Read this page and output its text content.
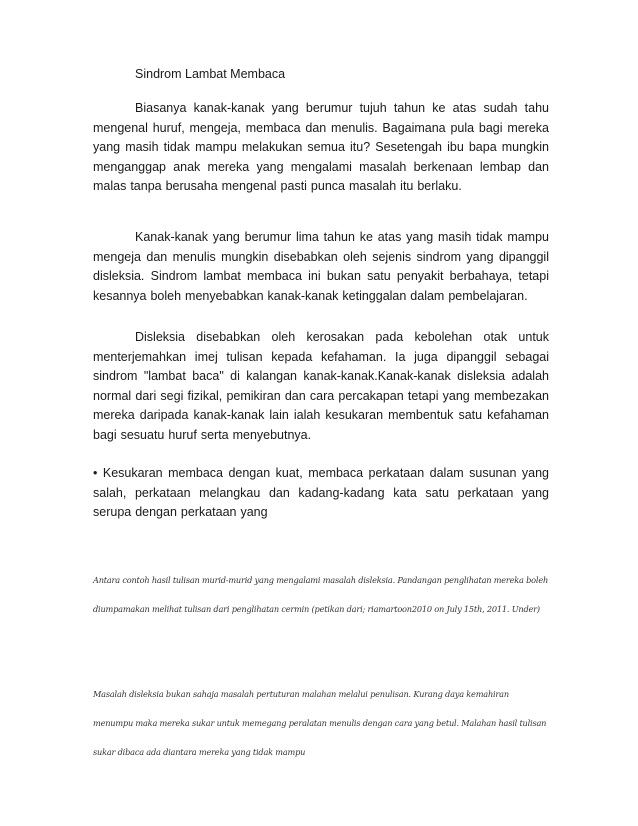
Sindrom Lambat Membaca

Biasanya kanak-kanak yang berumur tujuh tahun ke atas sudah tahu mengenal huruf, mengeja, membaca dan menulis. Bagaimana pula bagi mereka yang masih tidak mampu melakukan semua itu? Sesetengah ibu bapa mungkin menganggap anak mereka yang mengalami masalah berkenaan lembap dan malas tanpa berusaha mengenal pasti punca masalah itu berlaku.

Kanak-kanak yang berumur lima tahun ke atas yang masih tidak mampu mengeja dan menulis mungkin disebabkan oleh sejenis sindrom yang dipanggil disleksia. Sindrom lambat membaca ini bukan satu penyakit berbahaya, tetapi kesannya boleh menyebabkan kanak-kanak ketinggalan dalam pembelajaran.

Disleksia disebabkan oleh kerosakan pada kebolehan otak untuk menterjemahkan imej tulisan kepada kefahaman. Ia juga dipanggil sebagai sindrom "lambat baca" di kalangan kanak-kanak.Kanak-kanak disleksia adalah normal dari segi fizikal, pemikiran dan cara percakapan tetapi yang membezakan mereka daripada kanak-kanak lain ialah kesukaran membentuk satu kefahaman bagi sesuatu huruf serta menyebutnya.

• Kesukaran membaca dengan kuat, membaca perkataan dalam susunan yang salah, perkataan melangkau dan kadang-kadang kata satu perkataan yang serupa dengan perkataan yang

Antara contoh hasil tulisan murid-murid yang mengalami masalah disleksia. Pandangan penglihatan mereka boleh diumpamakan melihat tulisan dari penglihatan cermin (petikan dari; riamartoon2010 on July 15th, 2011. Under)

Masalah disleksia bukan sahaja masalah pertuturan malahan melalui penulisan. Kurang daya kemahiran menumpu maka mereka sukar untuk memegang peralatan menulis dengan cara yang betul. Malahan hasil tulisan sukar dibaca ada diantara mereka yang tidak mampu
